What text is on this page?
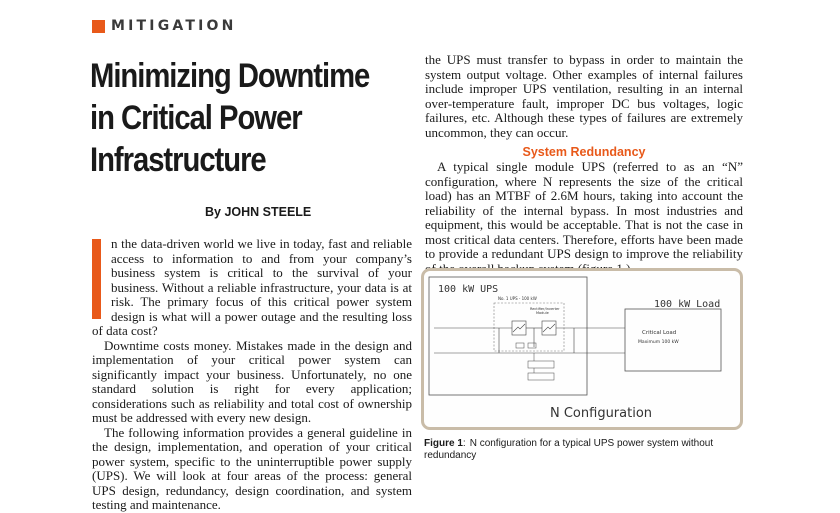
MITIGATION
Minimizing Downtime
in Critical Power
Infrastructure
By JOHN STEELE

n the data-driven world we live in today, fast and reliable access to information to and from your company’s business system is critical to the survival of your business. Without a reliable infrastructure, your data is at risk. The primary focus of this critical power system design is what will a power outage and the resulting loss of data cost?

Downtime costs money. Mistakes made in the design and implementation of your critical power system can significantly impact your business. Unfortunately, no one standard solution is right for every application; considerations such as reliability and total cost of ownership must be addressed with every new design.

The following information provides a general guideline in the design, implementation, and operation of your critical power system, specific to the uninterruptible power supply (UPS). We will look at four areas of the process: general UPS design, redundancy, design coordination, and system testing and maintenance.

the UPS must transfer to bypass in order to maintain the system output voltage. Other examples of internal failures include improper UPS ventilation, resulting in an internal over-temperature fault, improper DC bus voltages, logic failures, etc. Although these types of failures are extremely uncommon, they can occur.

System Redundancy

A typical single module UPS (referred to as an “N” configuration, where N represents the size of the critical load) has an MTBF of 2.6M hours, taking into account the reliability of the internal bypass. In most industries and equipment, this would be acceptable. That is not the case in most critical data centers. Therefore, efforts have been made to provide a redundant UPS design to improve the reliability

100 kW UPS
100 kW Load
No. 1 UPS - 100 kW
Rectifier/Inverter
Module
Critical Load
Maximum 100 kW
N Configuration
Figure 1: N configuration for a typical UPS power system without redundancy
